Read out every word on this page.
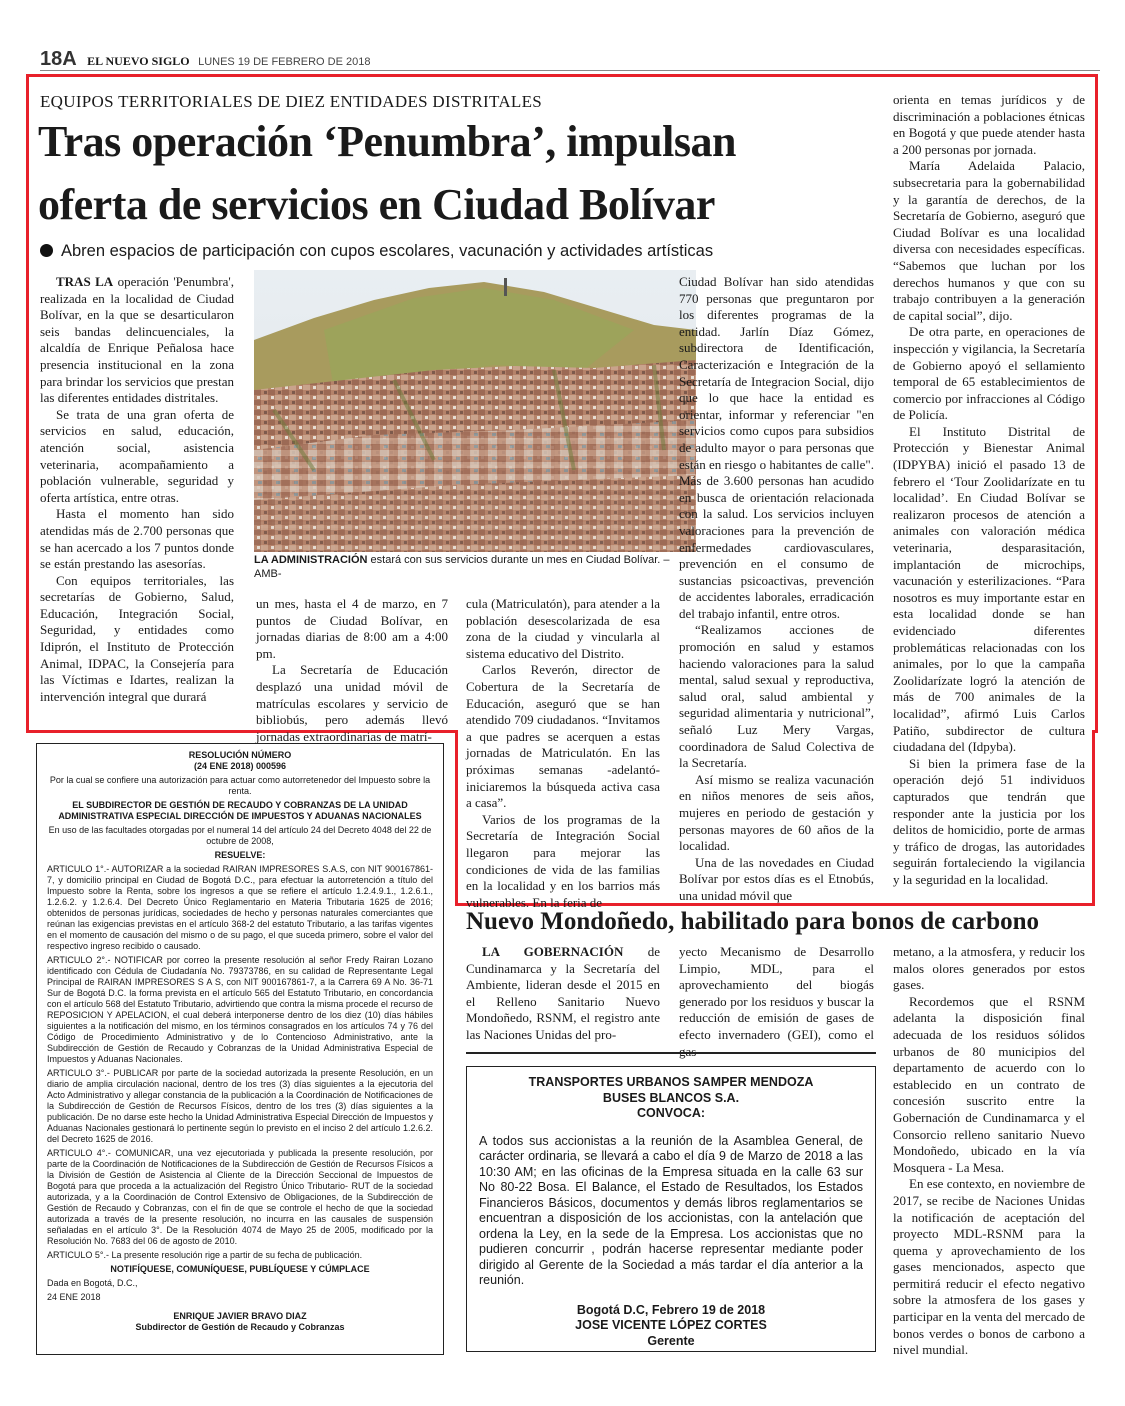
18A EL NUEVO SIGLO LUNES 19 DE FEBRERO DE 2018
EQUIPOS TERRITORIALES DE DIEZ ENTIDADES DISTRITALES
Tras operación ‘Penumbra’, impulsan
oferta de servicios en Ciudad Bolívar
Abren espacios de participación con cupos escolares, vacunación y actividades artísticas

TRAS LA operación 'Penumbra', realizada en la localidad de Ciudad Bolívar, en la que se desarticularon seis bandas delincuenciales, la alcaldía de Enrique Peñalosa hace presencia institucional en la zona para brindar los servicios que prestan las diferentes entidades distritales.

Se trata de una gran oferta de servicios en salud, educación, atención social, asistencia veterinaria, acompañamiento a población vulnerable, seguridad y oferta artística, entre otras.

Hasta el momento han sido atendidas más de 2.700 personas que se han acercado a los 7 puntos donde se están prestando las asesorías.

Con equipos territoriales, las secretarías de Gobierno, Salud, Educación, Integración Social, Seguridad, y entidades como Idiprón, el Instituto de Protección Animal, IDPAC, la Consejería para las Víctimas e Idartes, realizan la intervención integral que durará

LA ADMINISTRACIÓN estará con sus servicios durante un mes en Ciudad Bolívar. –AMB-

un mes, hasta el 4 de marzo, en 7 puntos de Ciudad Bolívar, en jornadas diarias de 8:00 am a 4:00 pm.

La Secretaría de Educación desplazó una unidad móvil de matrículas escolares y servicio de bibliobús, pero además llevó jornadas extraordinarias de matrí-

cula (Matriculatón), para atender a la población desescolarizada de esa zona de la ciudad y vincularla al sistema educativo del Distrito.

Carlos Reverón, director de Cobertura de la Secretaría de Educación, aseguró que se han atendido 709 ciudadanos. “Invitamos a que padres se acerquen a estas jornadas de Matriculatón. En las próximas semanas -adelantó- iniciaremos la búsqueda activa casa a casa”.

Varios de los programas de la Secretaría de Integración Social llegaron para mejorar las condiciones de vida de las familias en la localidad y en los barrios más vulnerables. En la feria de

Ciudad Bolívar han sido atendidas 770 personas que preguntaron por los diferentes programas de la entidad. Jarlín Díaz Gómez, subdirectora de Identificación, Caracterización e Integración de la Secretaría de Integracion Social, dijo que lo que hace la entidad es orientar, informar y referenciar "en servicios como cupos para subsidios de adulto mayor o para personas que están en riesgo o habitantes de calle". Más de 3.600 personas han acudido en busca de orientación relacionada con la salud. Los servicios incluyen valoraciones para la prevención de enfermedades cardiovasculares, prevención en el consumo de sustancias psicoactivas, prevención de accidentes laborales, erradicación del trabajo infantil, entre otros.

“Realizamos acciones de promoción en salud y estamos haciendo valoraciones para la salud mental, salud sexual y reproductiva, salud oral, salud ambiental y seguridad alimentaria y nutricional”, señaló Luz Mery Vargas, coordinadora de Salud Colectiva de la Secretaría.

Así mismo se realiza vacunación en niños menores de seis años, mujeres en periodo de gestación y personas mayores de 60 años de la localidad.

Una de las novedades en Ciudad Bolívar por estos días es el Etnobús, una unidad móvil que

orienta en temas jurídicos y de discriminación a poblaciones étnicas en Bogotá y que puede atender hasta a 200 personas por jornada.

María Adelaida Palacio, subsecretaria para la gobernabilidad y la garantía de derechos, de la Secretaría de Gobierno, aseguró que Ciudad Bolívar es una localidad diversa con necesidades específicas. “Sabemos que luchan por los derechos humanos y que con su trabajo contribuyen a la generación de capital social”, dijo.

De otra parte, en operaciones de inspección y vigilancia, la Secretaría de Gobierno apoyó el sellamiento temporal de 65 establecimientos de comercio por infracciones al Código de Policía.

El Instituto Distrital de Protección y Bienestar Animal (IDPYBA) inició el pasado 13 de febrero el ‘Tour Zoolidarízate en tu localidad’. En Ciudad Bolívar se realizaron procesos de atención a animales con valoración médica veterinaria, desparasitación, implantación de microchips, vacunación y esterilizaciones. “Para nosotros es muy importante estar en esta localidad donde se han evidenciado diferentes problemáticas relacionadas con los animales, por lo que la campaña Zoolidarízate logró la atención de más de 700 animales de la localidad”, afirmó Luis Carlos Patiño, subdirector de cultura ciudadana del (Idpyba).

Si bien la primera fase de la operación dejó 51 individuos capturados que tendrán que responder ante la justicia por los delitos de homicidio, porte de armas y tráfico de drogas, las autoridades seguirán fortaleciendo la vigilancia y la seguridad en la localidad.

RESOLUCIÓN NÚMERO

(24 ENE 2018) 000596

Por la cual se confiere una autorización para actuar como autorretenedor del Impuesto sobre la renta.

EL SUBDIRECTOR DE GESTIÓN DE RECAUDO Y COBRANZAS DE LA UNIDAD ADMINISTRATIVA ESPECIAL DIRECCIÓN DE IMPUESTOS Y ADUANAS NACIONALES

En uso de las facultades otorgadas por el numeral 14 del artículo 24 del Decreto 4048 del 22 de octubre de 2008,

RESUELVE:

ARTICULO 1°.- AUTORIZAR a la sociedad RAIRAN IMPRESORES S.A.S, con NIT 900167861-7, y domicilio principal en Ciudad de Bogotá D.C., para efectuar la autorretención a título del Impuesto sobre la Renta, sobre los ingresos a que se refiere el artículo 1.2.4.9.1., 1.2.6.1., 1.2.6.2. y 1.2.6.4. Del Decreto Único Reglamentario en Materia Tributaria 1625 de 2016; obtenidos de personas jurídicas, sociedades de hecho y personas naturales comerciantes que reúnan las exigencias previstas en el artículo 368-2 del estatuto Tributario, a las tarifas vigentes en el momento de causación del mismo o de su pago, el que suceda primero, sobre el valor del respectivo ingreso recibido o causado.

ARTICULO 2°.- NOTIFICAR por correo la presente resolución al señor Fredy Rairan Lozano identificado con Cédula de Ciudadanía No. 79373786, en su calidad de Representante Legal Principal de RAIRAN IMPRESORES S A S, con NIT 900167861-7, a la Carrera 69 A No. 36-71 Sur de Bogotá D.C. la forma prevista en el artículo 565 del Estatuto Tributario, en concordancia con el artículo 568 del Estatuto Tributario, advirtiendo que contra la misma procede el recurso de REPOSICION Y APELACION, el cual deberá interponerse dentro de los diez (10) días hábiles siguientes a la notificación del mismo, en los términos consagrados en los artículos 74 y 76 del Código de Procedimiento Administrativo y de lo Contencioso Administrativo, ante la Subdirección de Gestión de Recaudo y Cobranzas de la Unidad Administrativa Especial de Impuestos y Aduanas Nacionales.

ARTICULO 3°.- PUBLICAR por parte de la sociedad autorizada la presente Resolución, en un diario de amplia circulación nacional, dentro de los tres (3) días siguientes a la ejecutoria del Acto Administrativo y allegar constancia de la publicación a la Coordinación de Notificaciones de la Subdirección de Gestión de Recursos Físicos, dentro de los tres (3) días siguientes a la publicación. De no darse este hecho la Unidad Administrativa Especial Dirección de Impuestos y Aduanas Nacionales gestionará lo pertinente según lo previsto en el inciso 2 del artículo 1.2.6.2. del Decreto 1625 de 2016.

ARTICULO 4°.- COMUNICAR, una vez ejecutoriada y publicada la presente resolución, por parte de la Coordinación de Notificaciones de la Subdirección de Gestión de Recursos Físicos a la División de Gestión de Asistencia al Cliente de la Dirección Seccional de Impuestos de Bogotá para que proceda a la actualización del Registro Único Tributario- RUT de la sociedad autorizada, y a la Coordinación de Control Extensivo de Obligaciones, de la Subdirección de Gestión de Recaudo y Cobranzas, con el fin de que se controle el hecho de que la sociedad autorizada a través de la presente resolución, no incurra en las causales de suspensión señaladas en el artículo 3°. De la Resolución 4074 de Mayo 25 de 2005, modificado por la Resolución No. 7683 del 06 de agosto de 2010.

ARTICULO 5°.- La presente resolución rige a partir de su fecha de publicación.

NOTIFÍQUESE, COMUNÍQUESE, PUBLÍQUESE Y CÚMPLACE

Dada en Bogotá, D.C.,

24 ENE 2018

ENRIQUE JAVIER BRAVO DIAZ

Subdirector de Gestión de Recaudo y Cobranzas

Nuevo Mondoñedo, habilitado para bonos de carbono

LA GOBERNACIÓN de Cundinamarca y la Secretaría del Ambiente, lideran desde el 2015 en el Relleno Sanitario Nuevo Mondoñedo, RSNM, el registro ante las Naciones Unidas del pro-

yecto Mecanismo de Desarrollo Limpio, MDL, para el aprovechamiento del biogás generado por los residuos y buscar la reducción de emisión de gases de efecto invernadero (GEI), como el

metano, a la atmosfera, y reducir los malos olores generados por estos gases.

Recordemos que el RSNM adelanta la disposición final adecuada de los residuos sólidos urbanos de 80 municipios del departamento de acuerdo con lo establecido en un contrato de concesión suscrito entre la Gobernación de Cundinamarca y el Consorcio relleno sanitario Nuevo Mondoñedo, ubicado en la vía Mosquera - La Mesa.

En ese contexto, en noviembre de 2017, se recibe de Naciones Unidas la notificación de aceptación del proyecto MDL-RSNM para la quema y aprovechamiento de los gases mencionados, aspecto que permitirá reducir el efecto negativo sobre la atmosfera de los gases y participar en la venta del mercado de bonos verdes o bonos de carbono a nivel mundial.

TRANSPORTES URBANOS SAMPER MENDOZA
BUSES BLANCOS S.A.
CONVOCA:
A todos sus accionistas a la reunión de la Asamblea General, de carácter ordinaria, se llevará a cabo el día 9 de Marzo de 2018 a las 10:30 AM; en las oficinas de la Empresa situada en la calle 63 sur No 80-22 Bosa. El Balance, el Estado de Resultados, los Estados Financieros Básicos, documentos y demás libros reglamentarios se encuentran a disposición de los accionistas, con la antelación que ordena la Ley, en la sede de la Empresa. Los accionistas que no pudieren concurrir , podrán hacerse representar mediante poder dirigido al Gerente de la Sociedad a más tardar el día anterior a la reunión.
Bogotá D.C, Febrero 19 de 2018
JOSE VICENTE LÓPEZ CORTES
Gerente
